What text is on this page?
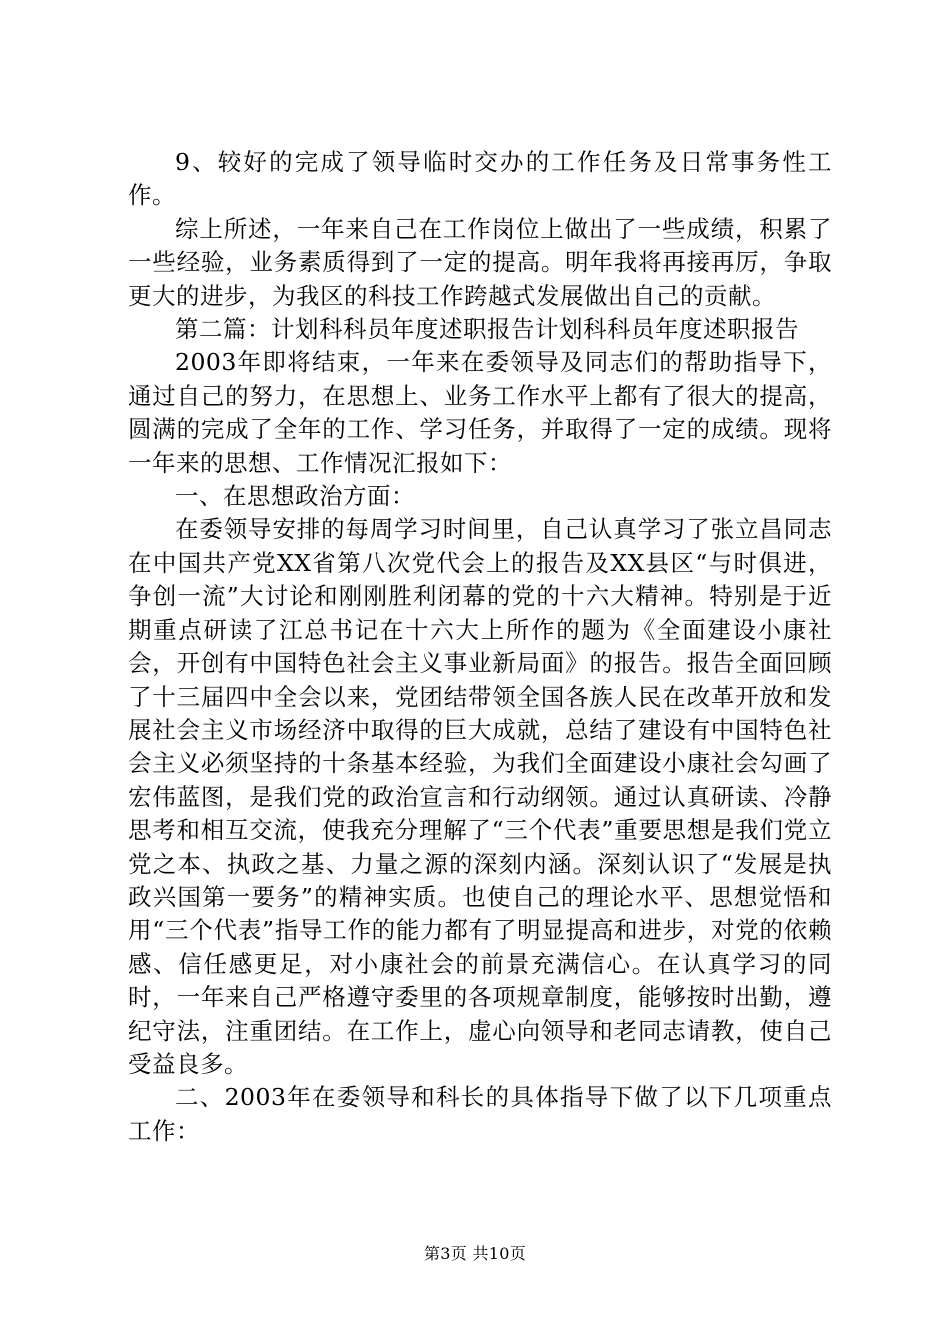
9、较好的完成了领导临时交办的工作任务及日常事务性工作。

综上所述，一年来自己在工作岗位上做出了一些成绩，积累了一些经验，业务素质得到了一定的提高。明年我将再接再厉，争取更大的进步，为我区的科技工作跨越式发展做出自己的贡献。

第二篇：计划科科员年度述职报告计划科科员年度述职报告

2003年即将结束，一年来在委领导及同志们的帮助指导下，通过自己的努力，在思想上、业务工作水平上都有了很大的提高，圆满的完成了全年的工作、学习任务，并取得了一定的成绩。现将一年来的思想、工作情况汇报如下：

一、在思想政治方面：

在委领导安排的每周学习时间里，自己认真学习了张立昌同志在中国共产党XX省第八次党代会上的报告及XX县区“与时俱进，争创一流”大讨论和刚刚胜利闭幕的党的十六大精神。特别是于近期重点研读了江总书记在十六大上所作的题为《全面建设小康社会，开创有中国特色社会主义事业新局面》的报告。报告全面回顾了十三届四中全会以来，党团结带领全国各族人民在改革开放和发展社会主义市场经济中取得的巨大成就，总结了建设有中国特色社会主义必须坚持的十条基本经验，为我们全面建设小康社会勾画了宏伟蓝图，是我们党的政治宣言和行动纲领。通过认真研读、冷静思考和相互交流，使我充分理解了“三个代表”重要思想是我们党立党之本、执政之基、力量之源的深刻内涵。深刻认识了“发展是执政兴国第一要务”的精神实质。也使自己的理论水平、思想觉悟和用“三个代表”指导工作的能力都有了明显提高和进步，对党的依赖感、信任感更足，对小康社会的前景充满信心。在认真学习的同时，一年来自己严格遵守委里的各项规章制度，能够按时出勤，遵纪守法，注重团结。在工作上，虚心向领导和老同志请教，使自己受益良多。

二、2003年在委领导和科长的具体指导下做了以下几项重点工作：

第3页 共10页
